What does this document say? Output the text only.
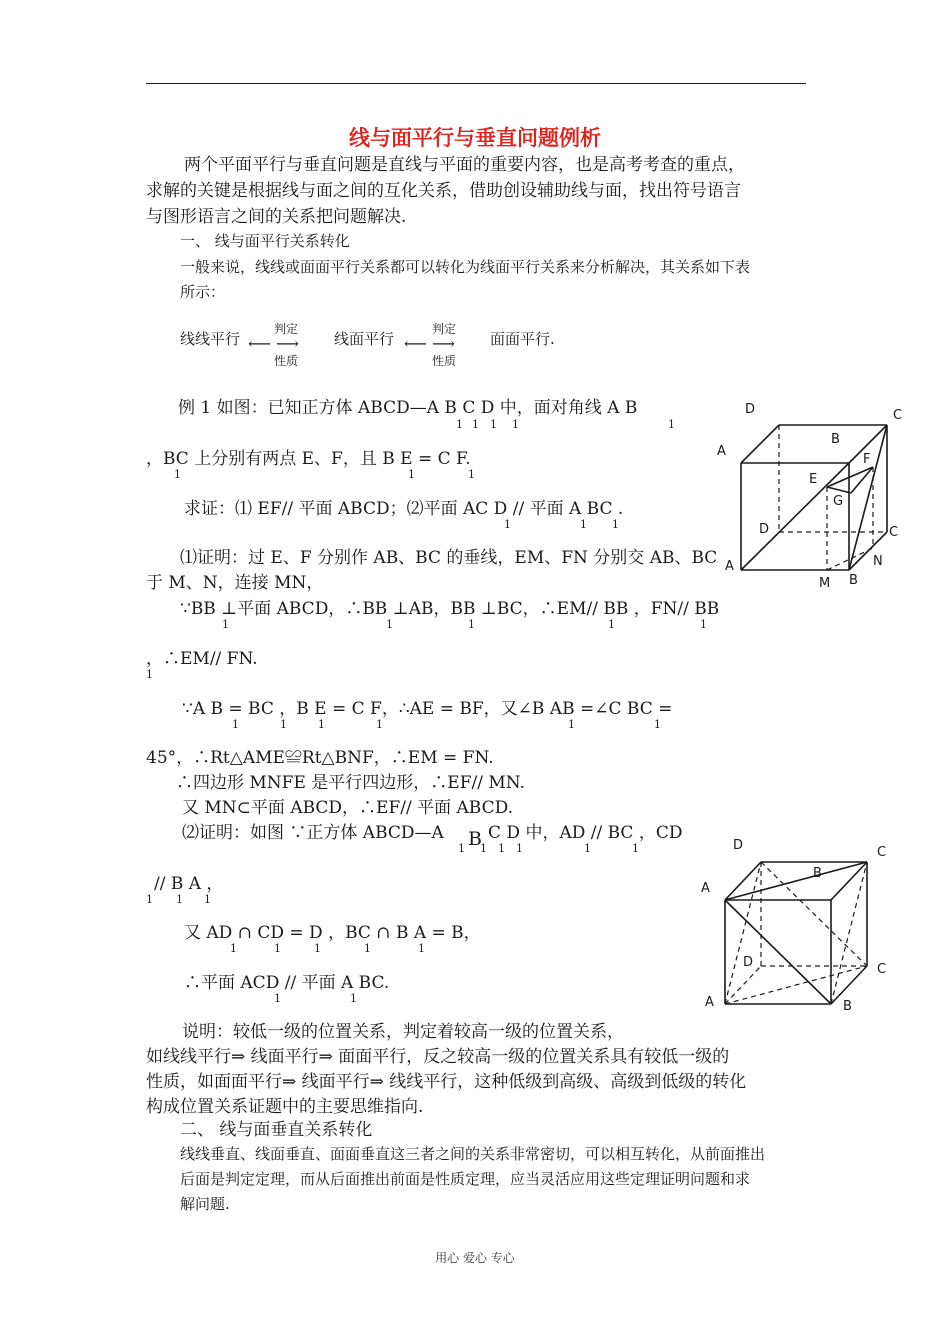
线与面平行与垂直问题例析
两个平面平行与垂直问题是直线与平面的重要内容，也是高考考查的重点，
求解的关键是根据线与面之间的互化关系，借助创设辅助线与面，找出符号语言
与图形语言之间的关系把问题解决.
一、 线与面平行关系转化
一般来说，线线或面面平行关系都可以转化为线面平行关系来分析解决，其关系如下表
所示：
线线平行
判定
⟵ ⟶
性质
线面平行
判定
⟵ ⟶
性质
面面平行.
例 1 如图：已知正方体 ABCD—A B C D 中，面对角线 A B
1 1 1 1	1
，BC 上分别有两点 E、F，且 B E = C F.
1	1	1
求证：⑴ EF// 平面 ABCD；⑵平面 AC D // 平面 A BC .
1	1 1
⑴证明：过 E、F 分别作 AB、BC 的垂线，EM、FN 分别交 AB、BC
于 M、N，连接 MN，
∵BB ⊥平面 ABCD，∴BB ⊥AB，BB ⊥BC，∴EM// BB ，FN// BB
1	1	1	1	1
，∴EM// FN.
1
∵A B = BC ，B E = C F，∴AE = BF，又∠B AB =∠C BC =
1	1	1	1	1	1
45°，∴Rt△AME≌Rt△BNF，∴EM = FN.
∴四边形 MNFE 是平行四边形，∴EF// MN.
又 MN⊂平面 ABCD，∴EF// 平面 ABCD.
⑵证明：如图 ∵正方体 ABCD—A B C D 中，AD // BC ，CD
1 1 1 1	1	1
// B A ，
1 1 1
又 AD ∩ CD = D ，BC ∩ B A = B，
1	1	1	1	1
∴平面 ACD // 平面 A BC.
1	1
说明：较低一级的位置关系，判定着较高一级的位置关系，
如线线平行⇒ 线面平行⇒ 面面平行，反之较高一级的位置关系具有较低一级的
性质，如面面平行⇒ 线面平行⇒ 线线平行，这种低级到高级、高级到低级的转化
构成位置关系证题中的主要思维指向.
二、 线与面垂直关系转化
线线垂直、线面垂直、面面垂直这三者之间的关系非常密切，可以相互转化，从前面推出
后面是判定定理，而从后面推出前面是性质定理，应当灵活应用这些定理证明问题和求
解问题.
D	C
B
A
E
F
G
D	C
A	N
M B
D	C
B
A
D	C
A	B
用心 爱心 专心
